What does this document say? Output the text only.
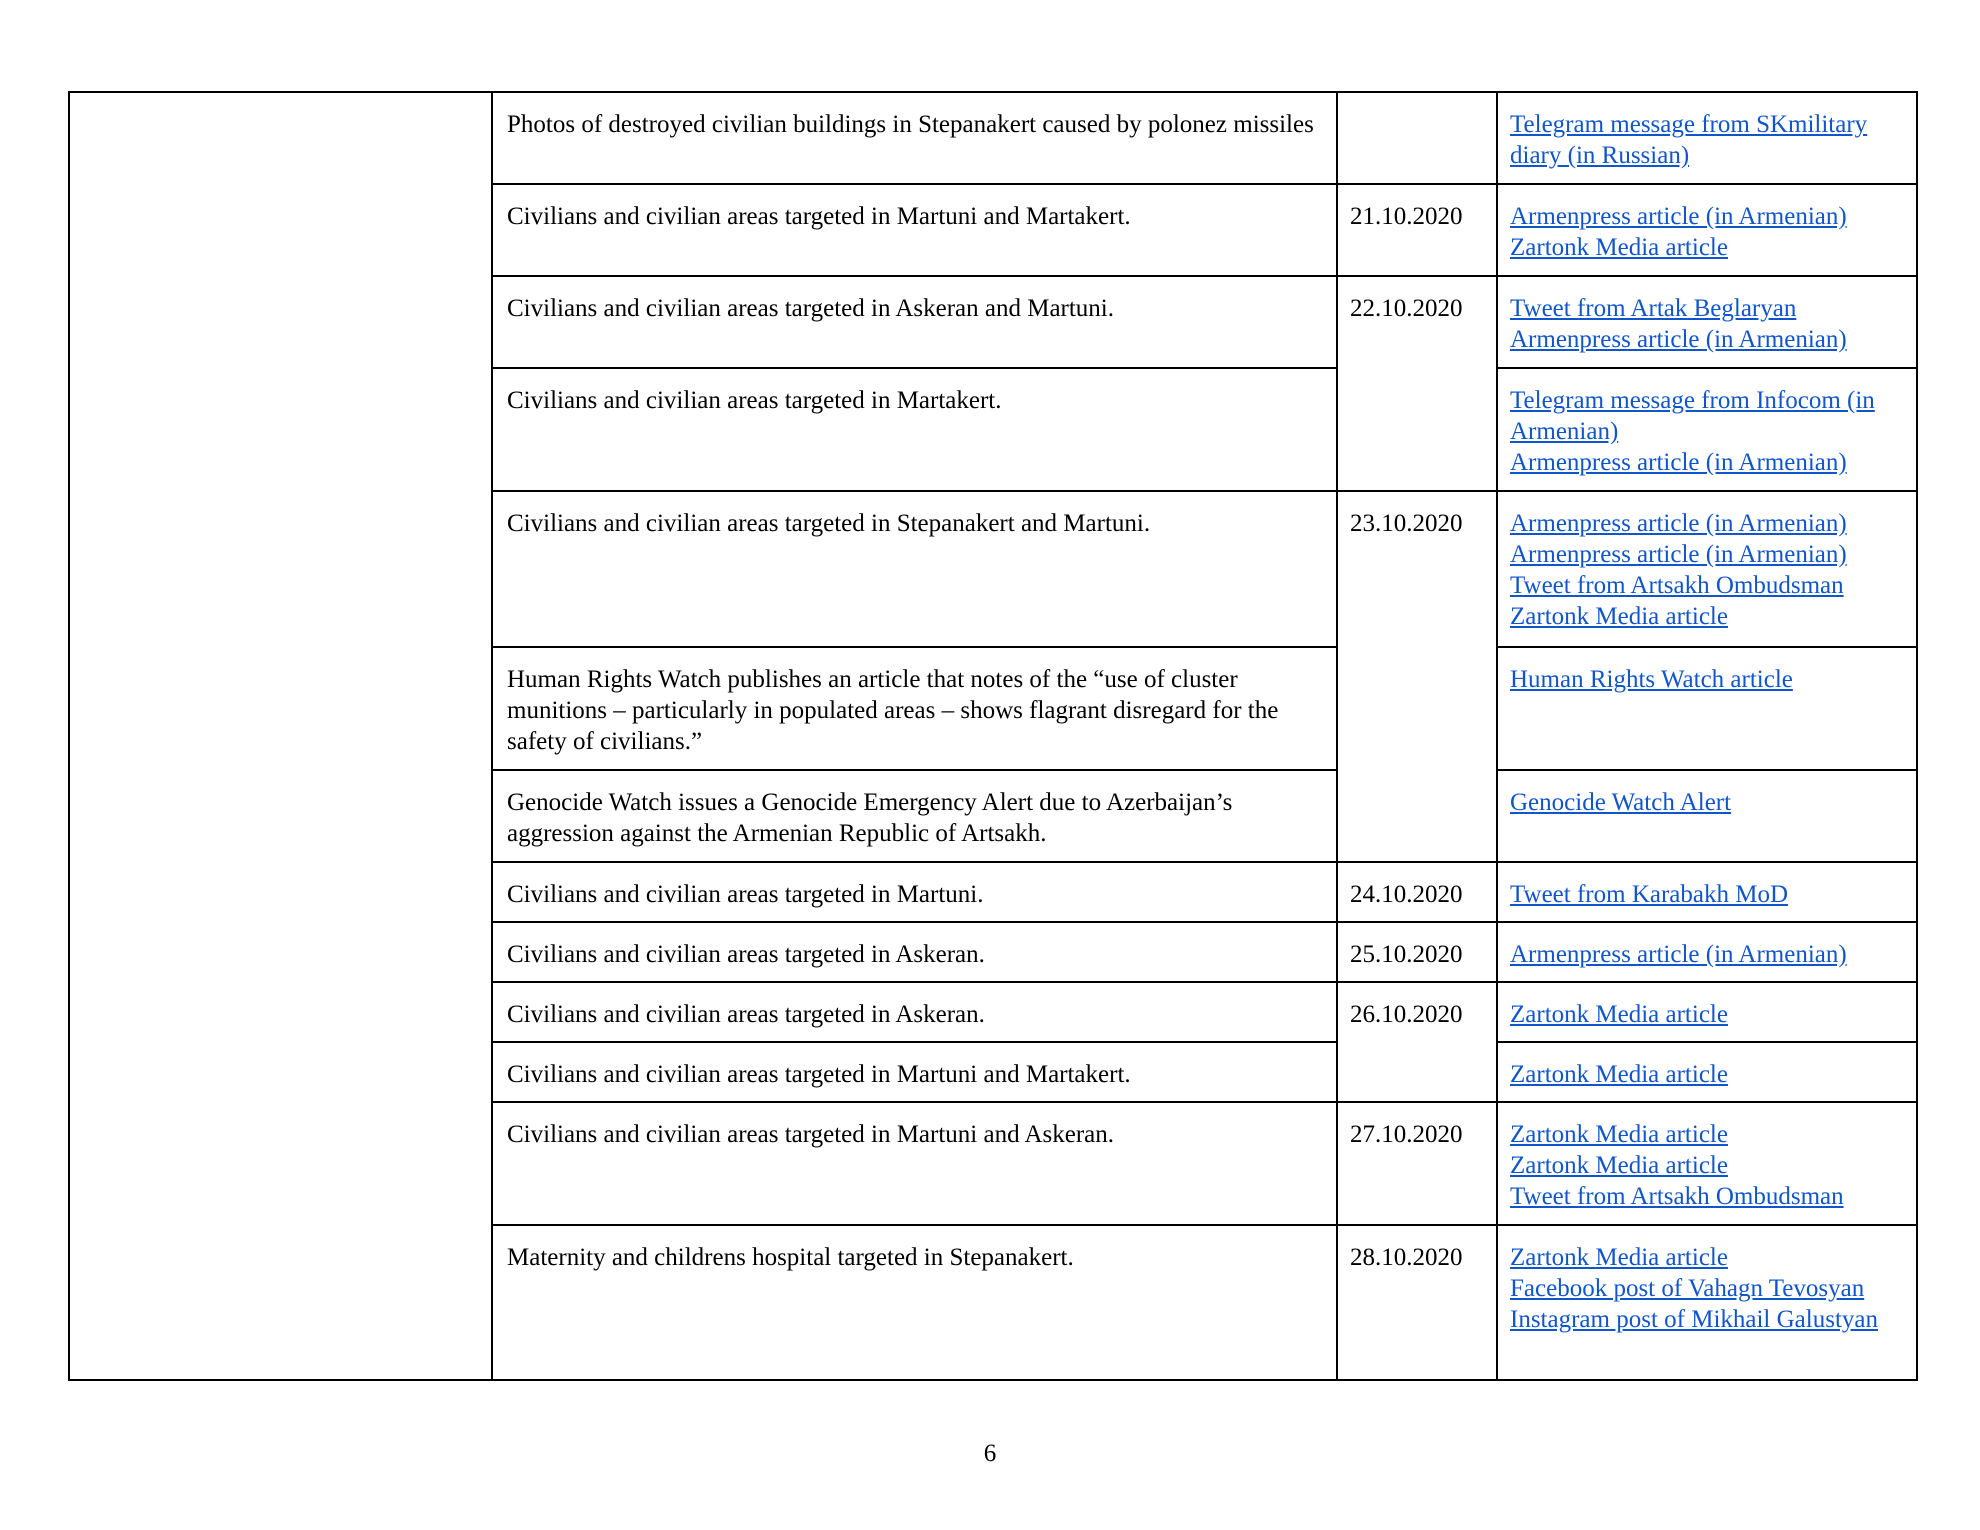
	Photos of destroyed civilian buildings in Stepanakert caused by polonez missiles		Telegram message from SKmilitary diary (in Russian)

	Civilians and civilian areas targeted in Martuni and Martakert.	21.10.2020	Armenpress article (in Armenian)
Zartonk Media article

	Civilians and civilian areas targeted in Askeran and Martuni.	22.10.2020	Tweet from Artak Beglaryan
Armenpress article (in Armenian)

	Civilians and civilian areas targeted in Martakert.		Telegram message from Infocom (in Armenian)
Armenpress article (in Armenian)

	Civilians and civilian areas targeted in Stepanakert and Martuni.	23.10.2020	Armenpress article (in Armenian)
Armenpress article (in Armenian)
Tweet from Artsakh Ombudsman
Zartonk Media article

	Human Rights Watch publishes an article that notes of the “use of cluster munitions – particularly in populated areas – shows flagrant disregard for the safety of civilians.”		Human Rights Watch article

	Genocide Watch issues a Genocide Emergency Alert due to Azerbaijan’s aggression against the Armenian Republic of Artsakh.		Genocide Watch Alert

	Civilians and civilian areas targeted in Martuni.	24.10.2020	Tweet from Karabakh MoD

	Civilians and civilian areas targeted in Askeran.	25.10.2020	Armenpress article (in Armenian)

	Civilians and civilian areas targeted in Askeran.	26.10.2020	Zartonk Media article

	Civilians and civilian areas targeted in Martuni and Martakert.		Zartonk Media article

	Civilians and civilian areas targeted in Martuni and Askeran.	27.10.2020	Zartonk Media article
Zartonk Media article
Tweet from Artsakh Ombudsman

	Maternity and childrens hospital targeted in Stepanakert.	28.10.2020	Zartonk Media article
Facebook post of Vahagn Tevosyan
Instagram post of Mikhail Galustyan
6
